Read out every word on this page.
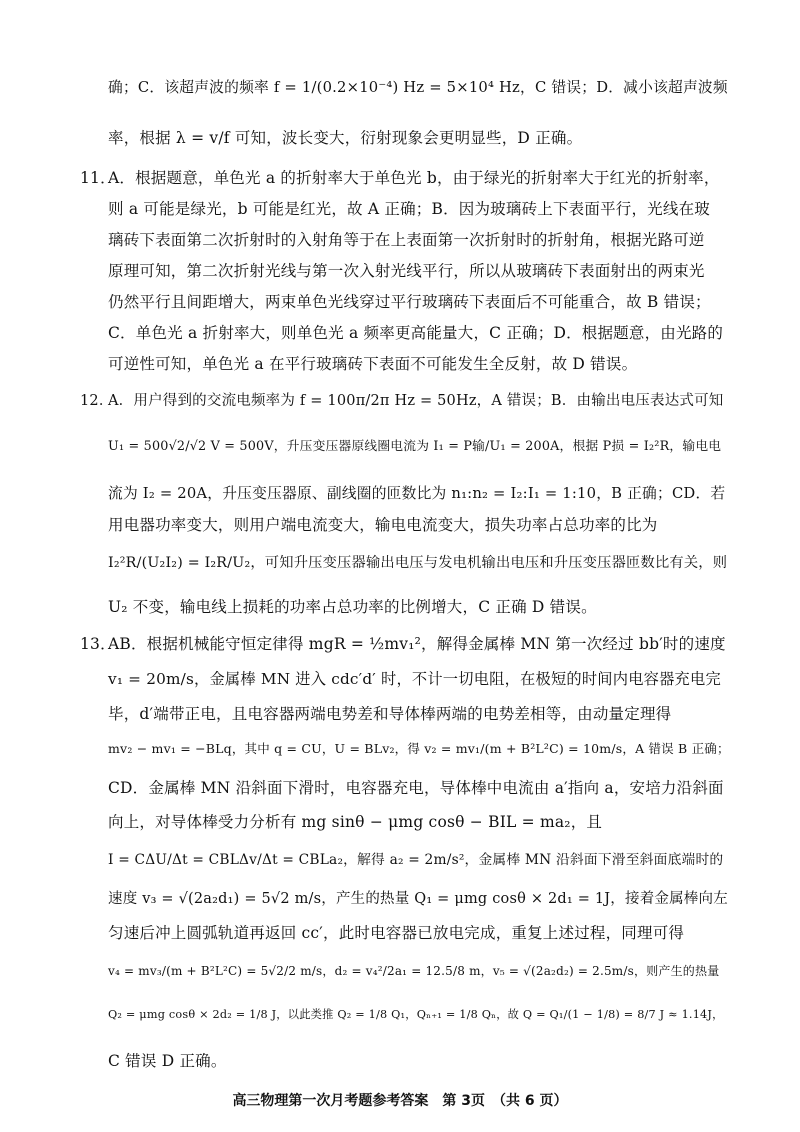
确；C．该超声波的频率 f = 1/(0.2×10⁻⁴) Hz = 5×10⁴ Hz，C 错误；D．减小该超声波频
率，根据 λ = v/f 可知，波长变大，衍射现象会更明显些，D 正确。
11．A．根据题意，单色光 a 的折射率大于单色光 b，由于绿光的折射率大于红光的折射率，
则 a 可能是绿光，b 可能是红光，故 A 正确；B．因为玻璃砖上下表面平行，光线在玻
璃砖下表面第二次折射时的入射角等于在上表面第一次折射时的折射角，根据光路可逆
原理可知，第二次折射光线与第一次入射光线平行，所以从玻璃砖下表面射出的两束光
仍然平行且间距增大，两束单色光线穿过平行玻璃砖下表面后不可能重合，故 B 错误；
C．单色光 a 折射率大，则单色光 a 频率更高能量大，C 正确；D．根据题意，由光路的
可逆性可知，单色光 a 在平行玻璃砖下表面不可能发生全反射，故 D 错误。
12．A．用户得到的交流电频率为 f = 100π/2π Hz = 50Hz，A 错误；B．由输出电压表达式可知
U₁ = 500√2/√2 V = 500V，升压变压器原线圈电流为 I₁ = P输/U₁ = 200A，根据 P损 = I₂²R，输电电
流为 I₂ = 20A，升压变压器原、副线圈的匝数比为 n₁:n₂ = I₂:I₁ = 1:10，B 正确；CD．若
用电器功率变大，则用户端电流变大，输电电流变大，损失功率占总功率的比为
I₂²R/(U₂I₂) = I₂R/U₂，可知升压变压器输出电压与发电机输出电压和升压变压器匝数比有关，则
U₂ 不变，输电线上损耗的功率占总功率的比例增大，C 正确 D 错误。
13．AB．根据机械能守恒定律得 mgR = ½mv₁²，解得金属棒 MN 第一次经过 bb′时的速度
v₁ = 20m/s，金属棒 MN 进入 cdc′d′ 时，不计一切电阻，在极短的时间内电容器充电完
毕，d′端带正电，且电容器两端电势差和导体棒两端的电势差相等，由动量定理得
mv₂ − mv₁ = −BLq，其中 q = CU，U = BLv₂，得 v₂ = mv₁/(m + B²L²C) = 10m/s，A 错误 B 正确；
CD．金属棒 MN 沿斜面下滑时，电容器充电，导体棒中电流由 a′指向 a，安培力沿斜面
向上，对导体棒受力分析有 mg sinθ − μmg cosθ − BIL = ma₂，且
I = CΔU/Δt = CBLΔv/Δt = CBLa₂，解得 a₂ = 2m/s²，金属棒 MN 沿斜面下滑至斜面底端时的
速度 v₃ = √(2a₂d₁) = 5√2 m/s，产生的热量 Q₁ = μmg cosθ × 2d₁ = 1J，接着金属棒向左
匀速后冲上圆弧轨道再返回 cc′，此时电容器已放电完成，重复上述过程，同理可得
v₄ = mv₃/(m + B²L²C) = 5√2/2 m/s，d₂ = v₄²/2a₁ = 12.5/8 m，v₅ = √(2a₂d₂) = 2.5m/s，则产生的热量
Q₂ = μmg cosθ × 2d₂ = 1/8 J，以此类推 Q₂ = 1/8 Q₁，Qₙ₊₁ = 1/8 Qₙ，故 Q = Q₁/(1 − 1/8) = 8/7 J ≈ 1.14J，
高三物理第一次月考题参考答案　第 3页　（共 6 页）
C 错误 D 正确。
